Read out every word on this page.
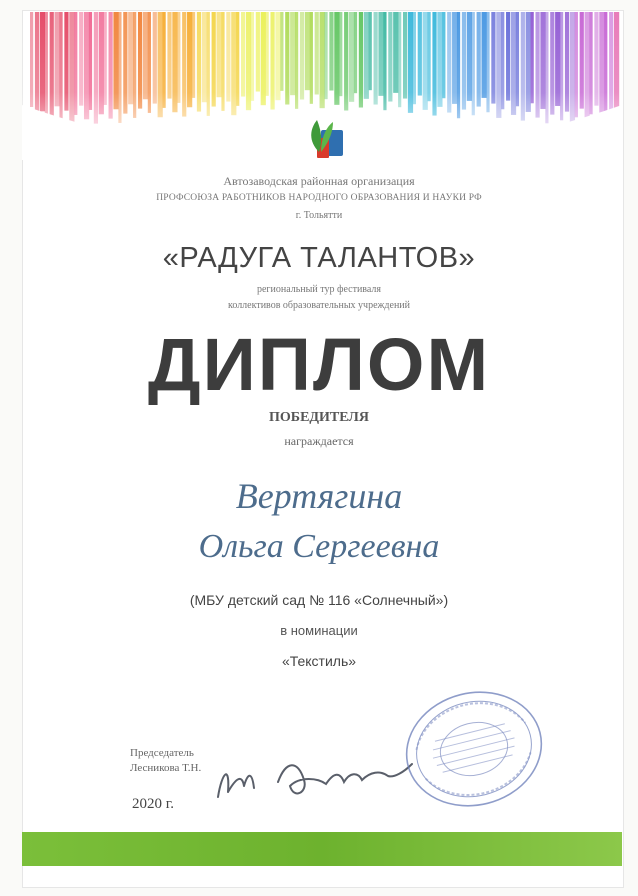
Автозаводская районная организация
ПРОФСОЮЗА РАБОТНИКОВ НАРОДНОГО ОБРАЗОВАНИЯ И НАУКИ РФ
г. Тольятти
«РАДУГА ТАЛАНТОВ»
региональный тур фестиваля
коллективов образовательных учреждений
ДИПЛОМ
ПОБЕДИТЕЛЯ
награждается
Вертягина
Ольга Сергеевна
(МБУ детский сад № 116 «Солнечный»)
в номинации
«Текстиль»
Председатель
Лесникова Т.Н.
2020 г.
